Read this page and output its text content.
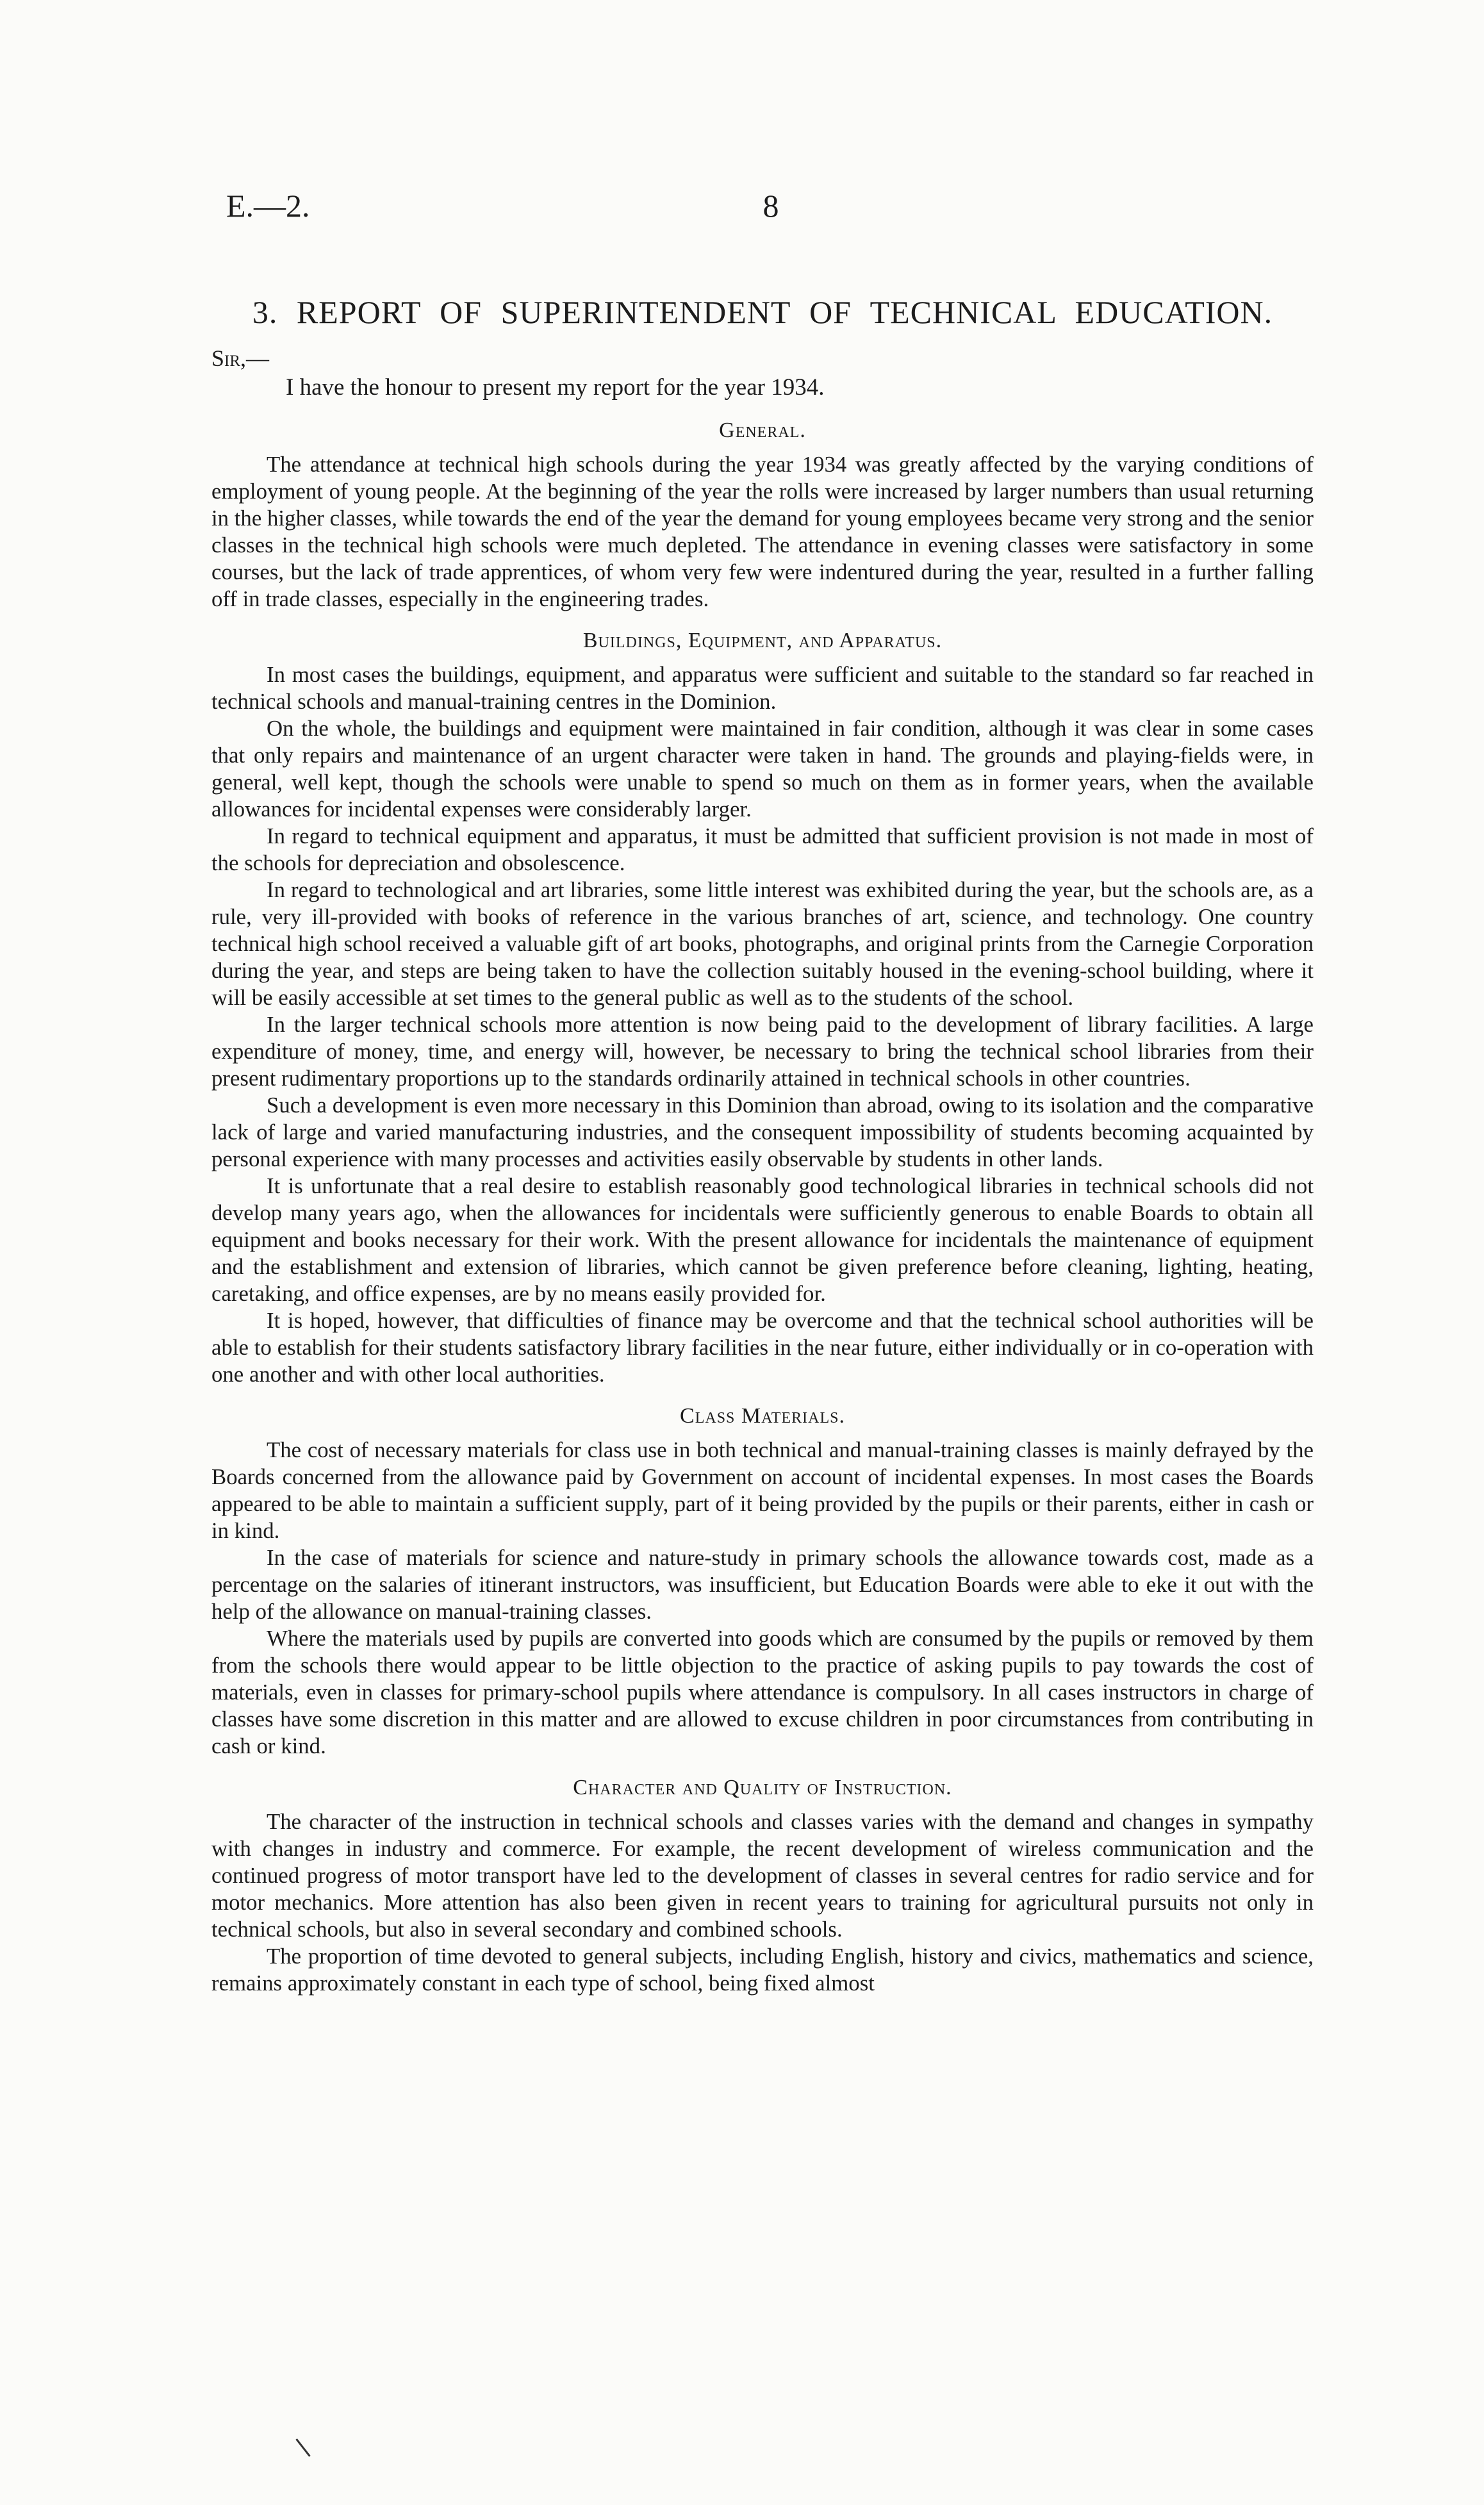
E.—2.	8
3. REPORT OF SUPERINTENDENT OF TECHNICAL EDUCATION.
Sir,—
I have the honour to present my report for the year 1934.
General.

The attendance at technical high schools during the year 1934 was greatly affected by the varying conditions of employment of young people. At the beginning of the year the rolls were increased by larger numbers than usual returning in the higher classes, while towards the end of the year the demand for young employees became very strong and the senior classes in the technical high schools were much depleted. The attendance in evening classes were satisfactory in some courses, but the lack of trade apprentices, of whom very few were indentured during the year, resulted in a further falling off in trade classes, especially in the engineering trades.

Buildings, Equipment, and Apparatus.

In most cases the buildings, equipment, and apparatus were sufficient and suitable to the standard so far reached in technical schools and manual-training centres in the Dominion.

On the whole, the buildings and equipment were maintained in fair condition, although it was clear in some cases that only repairs and maintenance of an urgent character were taken in hand. The grounds and playing-fields were, in general, well kept, though the schools were unable to spend so much on them as in former years, when the available allowances for incidental expenses were considerably larger.

In regard to technical equipment and apparatus, it must be admitted that sufficient provision is not made in most of the schools for depreciation and obsolescence.

In regard to technological and art libraries, some little interest was exhibited during the year, but the schools are, as a rule, very ill-provided with books of reference in the various branches of art, science, and technology. One country technical high school received a valuable gift of art books, photographs, and original prints from the Carnegie Corporation during the year, and steps are being taken to have the collection suitably housed in the evening-school building, where it will be easily accessible at set times to the general public as well as to the students of the school.

In the larger technical schools more attention is now being paid to the development of library facilities. A large expenditure of money, time, and energy will, however, be necessary to bring the technical school libraries from their present rudimentary proportions up to the standards ordinarily attained in technical schools in other countries.

Such a development is even more necessary in this Dominion than abroad, owing to its isolation and the comparative lack of large and varied manufacturing industries, and the consequent impossibility of students becoming acquainted by personal experience with many processes and activities easily observable by students in other lands.

It is unfortunate that a real desire to establish reasonably good technological libraries in technical schools did not develop many years ago, when the allowances for incidentals were sufficiently generous to enable Boards to obtain all equipment and books necessary for their work. With the present allowance for incidentals the maintenance of equipment and the establishment and extension of libraries, which cannot be given preference before cleaning, lighting, heating, caretaking, and office expenses, are by no means easily provided for.

It is hoped, however, that difficulties of finance may be overcome and that the technical school authorities will be able to establish for their students satisfactory library facilities in the near future, either individually or in co-operation with one another and with other local authorities.

Class Materials.

The cost of necessary materials for class use in both technical and manual-training classes is mainly defrayed by the Boards concerned from the allowance paid by Government on account of incidental expenses. In most cases the Boards appeared to be able to maintain a sufficient supply, part of it being provided by the pupils or their parents, either in cash or in kind.

In the case of materials for science and nature-study in primary schools the allowance towards cost, made as a percentage on the salaries of itinerant instructors, was insufficient, but Education Boards were able to eke it out with the help of the allowance on manual-training classes.

Where the materials used by pupils are converted into goods which are consumed by the pupils or removed by them from the schools there would appear to be little objection to the practice of asking pupils to pay towards the cost of materials, even in classes for primary-school pupils where attendance is compulsory. In all cases instructors in charge of classes have some discretion in this matter and are allowed to excuse children in poor circumstances from contributing in cash or kind.

Character and Quality of Instruction.

The character of the instruction in technical schools and classes varies with the demand and changes in sympathy with changes in industry and commerce. For example, the recent development of wireless communication and the continued progress of motor transport have led to the development of classes in several centres for radio service and for motor mechanics. More attention has also been given in recent years to training for agricultural pursuits not only in technical schools, but also in several secondary and combined schools.

The proportion of time devoted to general subjects, including English, history and civics, mathematics and science, remains approximately constant in each type of school, being fixed almost
